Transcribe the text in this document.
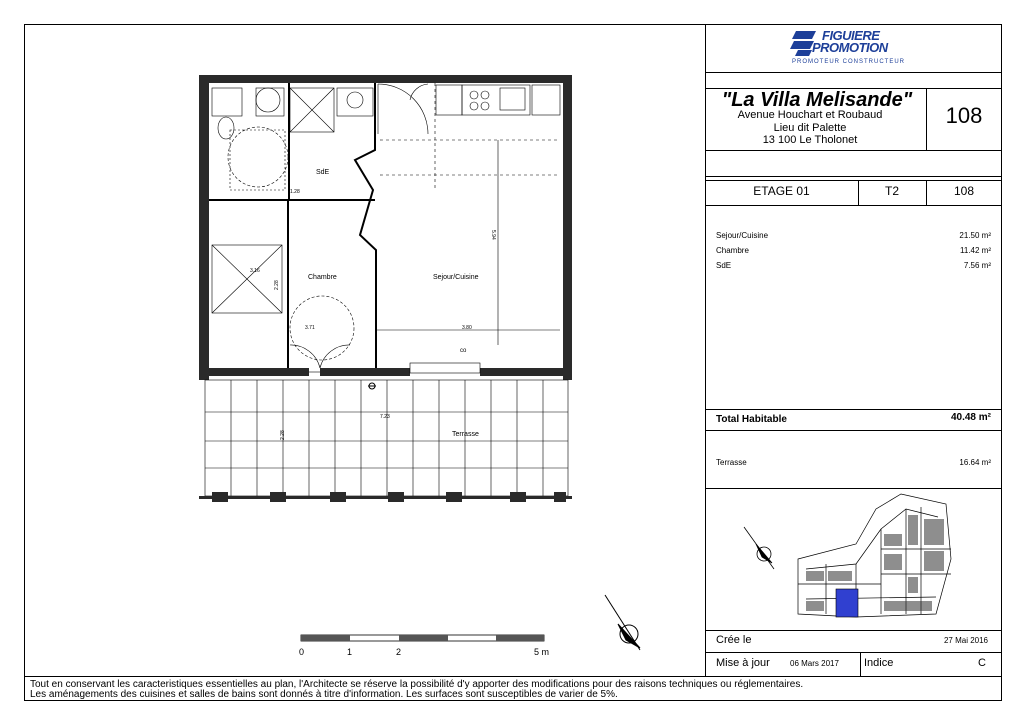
SdE
Chambre	Sejour/Cuisine
Terrasse
co
5.94
3.80
3.71
1.28
7.23
2.28
2.28
3.16
0	1	2	5 m
FIGUIERE
PROMOTION
PROMOTEUR CONSTRUCTEUR
"La Villa Melisande"
Avenue Houchart et Roubaud
Lieu dit Palette
13 100 Le Tholonet
108
ETAGE 01	T2	108
Sejour/Cuisine	21.50 m²
Chambre	11.42 m²
SdE	7.56 m²
Total Habitable	40.48 m²
Terrasse	16.64 m²
Crée le	27 Mai 2016
Mise à jour	06 Mars 2017 Indice	C
Tout en conservant les caracteristiques essentielles au plan, l'Architecte se réserve la possibilité d'y apporter des modifications pour des raisons techniques ou réglementaires.
Les aménagements des cuisines et salles de bains sont donnés à titre d'information. Les surfaces sont susceptibles de varier de 5%.
